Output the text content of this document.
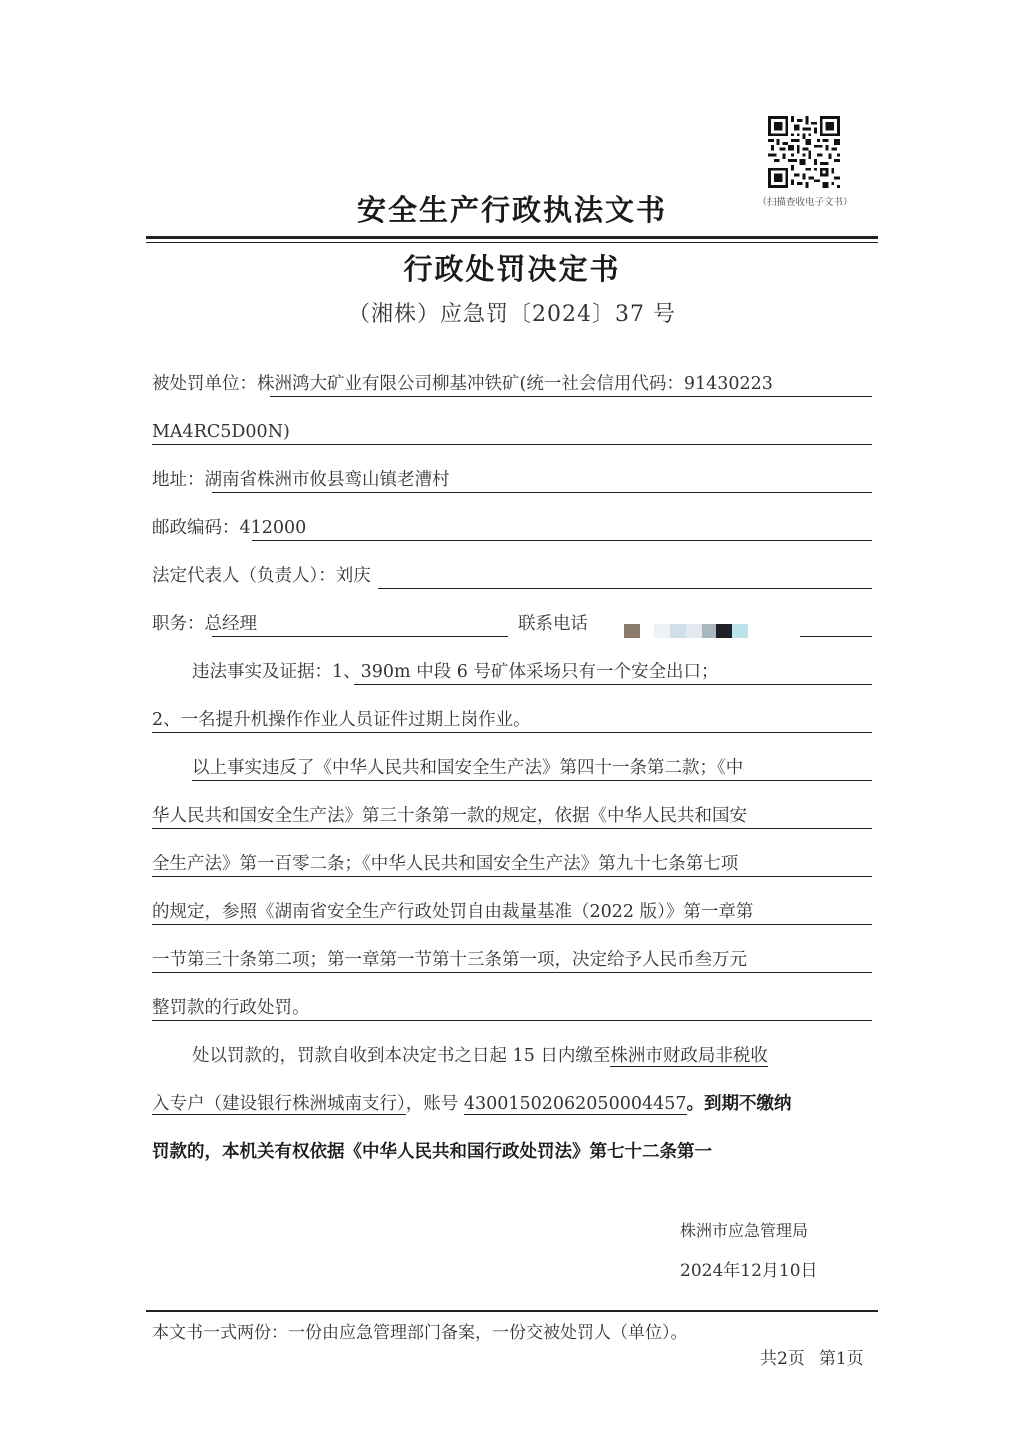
（扫描查收电子文书）
安全生产行政执法文书
行政处罚决定书
（湘株）应急罚〔2024〕37 号
被处罚单位：株洲鸿大矿业有限公司柳基冲铁矿(统一社会信用代码：91430223
MA4RC5D00N)
地址：湖南省株洲市攸县鸾山镇老漕村
邮政编码：412000
法定代表人（负责人）：刘庆
职务：总经理	联系电话
违法事实及证据：1、390m 中段 6 号矿体采场只有一个安全出口；
2、一名提升机操作作业人员证件过期上岗作业。
以上事实违反了《中华人民共和国安全生产法》第四十一条第二款；《中
华人民共和国安全生产法》第三十条第一款的规定，依据《中华人民共和国安
全生产法》第一百零二条；《中华人民共和国安全生产法》第九十七条第七项
的规定，参照《湖南省安全生产行政处罚自由裁量基准（2022 版）》第一章第
一节第三十条第二项；第一章第一节第十三条第一项，决定给予人民币叁万元
整罚款的行政处罚。
处以罚款的，罚款自收到本决定书之日起 15 日内缴至株洲市财政局非税收
入专户（建设银行株洲城南支行），账号 43001502062050004457。到期不缴纳
罚款的，本机关有权依据《中华人民共和国行政处罚法》第七十二条第一
株洲市应急管理局
2024年12月10日
本文书一式两份：一份由应急管理部门备案，一份交被处罚人（单位）。
共2页 第1页
